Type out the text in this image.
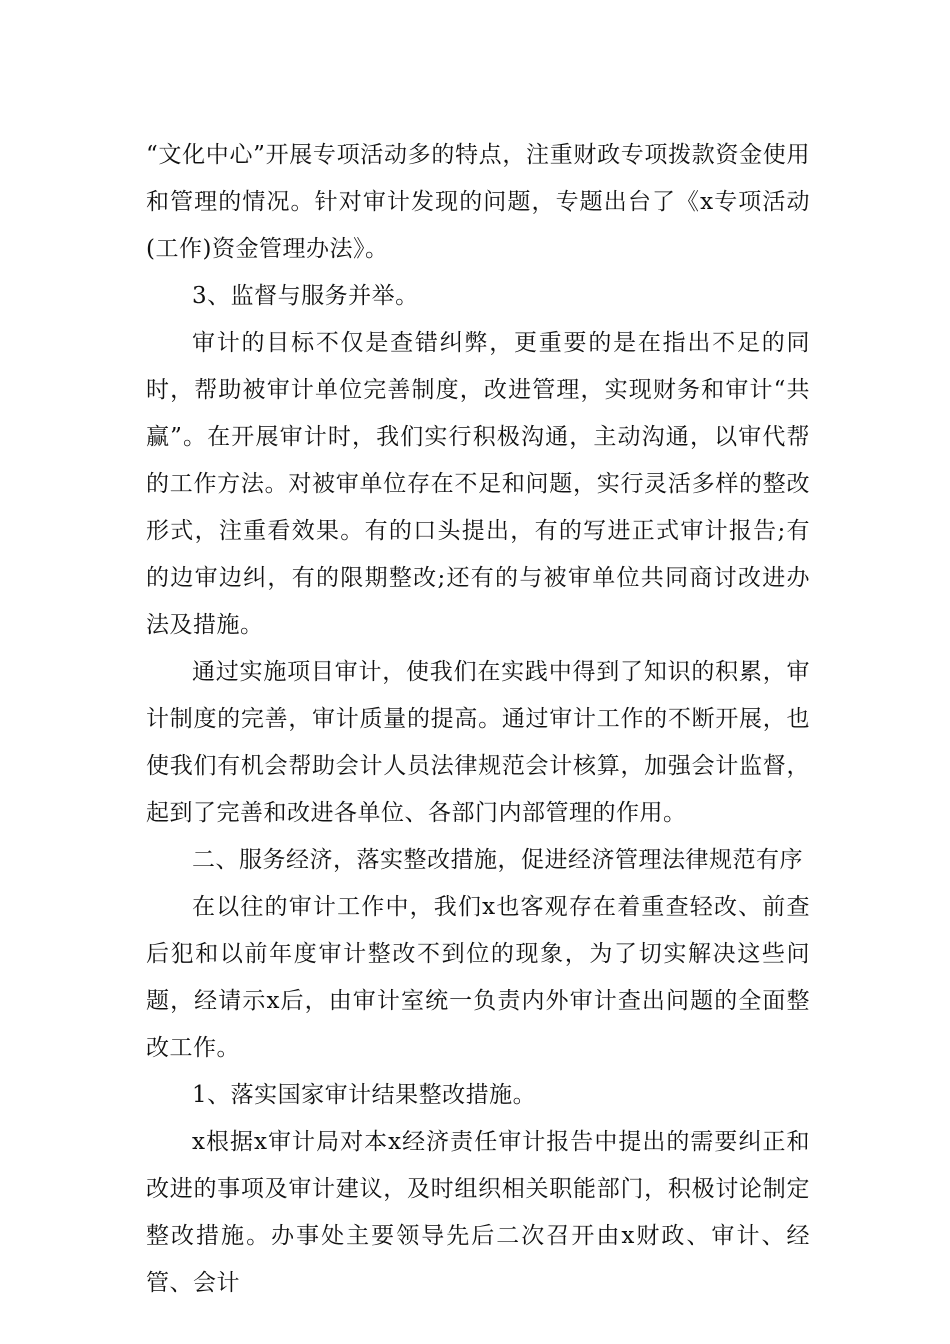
“文化中心”开展专项活动多的特点，注重财政专项拨款资金使用和管理的情况。针对审计发现的问题，专题出台了《x专项活动(工作)资金管理办法》。

3、监督与服务并举。

审计的目标不仅是查错纠弊，更重要的是在指出不足的同时，帮助被审计单位完善制度，改进管理，实现财务和审计“共赢”。在开展审计时，我们实行积极沟通，主动沟通，以审代帮的工作方法。对被审单位存在不足和问题，实行灵活多样的整改形式，注重看效果。有的口头提出，有的写进正式审计报告;有的边审边纠，有的限期整改;还有的与被审单位共同商讨改进办法及措施。

通过实施项目审计，使我们在实践中得到了知识的积累，审计制度的完善，审计质量的提高。通过审计工作的不断开展，也使我们有机会帮助会计人员法律规范会计核算，加强会计监督，起到了完善和改进各单位、各部门内部管理的作用。

二、服务经济，落实整改措施，促进经济管理法律规范有序

在以往的审计工作中，我们x也客观存在着重查轻改、前查后犯和以前年度审计整改不到位的现象，为了切实解决这些问题，经请示x后，由审计室统一负责内外审计查出问题的全面整改工作。

1、落实国家审计结果整改措施。

x根据x审计局对本x经济责任审计报告中提出的需要纠正和改进的事项及审计建议，及时组织相关职能部门，积极讨论制定整改措施。办事处主要领导先后二次召开由x财政、审计、经管、会计
